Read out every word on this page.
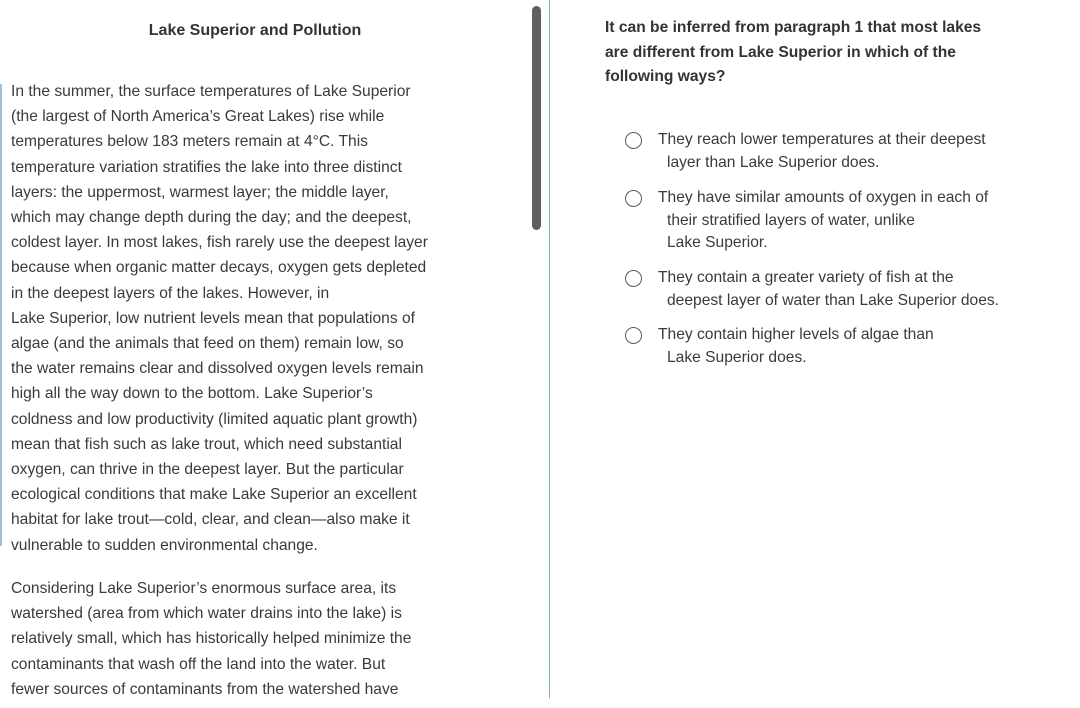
Lake Superior and Pollution

In the summer, the surface temperatures of Lake Superior
(the largest of North America’s Great Lakes) rise while
temperatures below 183 meters remain at 4°C. This
temperature variation stratifies the lake into three distinct
layers: the uppermost, warmest layer; the middle layer,
which may change depth during the day; and the deepest,
coldest layer. In most lakes, fish rarely use the deepest layer
because when organic matter decays, oxygen gets depleted
in the deepest layers of the lakes. However, in
Lake Superior, low nutrient levels mean that populations of
algae (and the animals that feed on them) remain low, so
the water remains clear and dissolved oxygen levels remain
high all the way down to the bottom. Lake Superior’s
coldness and low productivity (limited aquatic plant growth)
mean that fish such as lake trout, which need substantial
oxygen, can thrive in the deepest layer. But the particular
ecological conditions that make Lake Superior an excellent
habitat for lake trout—cold, clear, and clean—also make it
vulnerable to sudden environmental change.

Considering Lake Superior’s enormous surface area, its
watershed (area from which water drains into the lake) is
relatively small, which has historically helped minimize the
contaminants that wash off the land into the water. But
fewer sources of contaminants from the watershed have

It can be inferred from paragraph 1 that most lakes
are different from Lake Superior in which of the
following ways?

They reach lower temperatures at their deepest
layer than Lake Superior does.
They have similar amounts of oxygen in each of
their stratified layers of water, unlike
Lake Superior.
They contain a greater variety of fish at the
deepest layer of water than Lake Superior does.
They contain higher levels of algae than
Lake Superior does.
